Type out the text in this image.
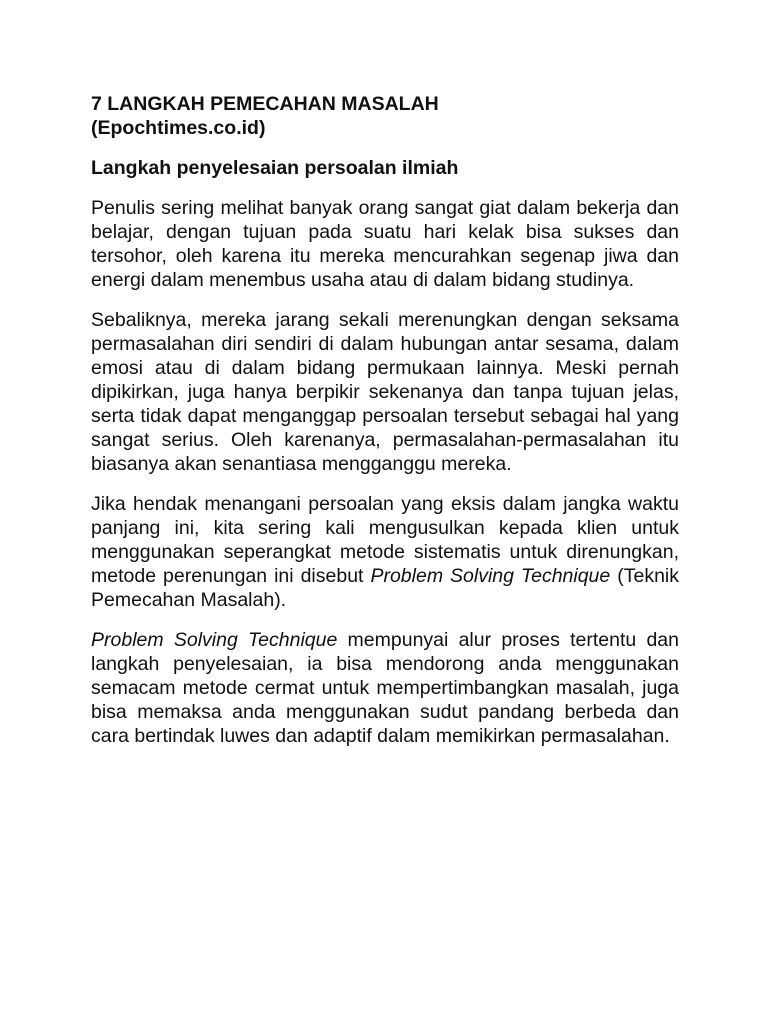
7 LANGKAH PEMECAHAN MASALAH
(Epochtimes.co.id)

Langkah penyelesaian persoalan ilmiah

Penulis sering melihat banyak orang sangat giat dalam bekerja dan belajar, dengan tujuan pada suatu hari kelak bisa sukses dan tersohor, oleh karena itu mereka mencurahkan segenap jiwa dan energi dalam menembus usaha atau di dalam bidang studinya.

Sebaliknya, mereka jarang sekali merenungkan dengan seksama permasalahan diri sendiri di dalam hubungan antar sesama, dalam emosi atau di dalam bidang permukaan lainnya. Meski pernah dipikirkan, juga hanya berpikir sekenanya dan tanpa tujuan jelas, serta tidak dapat menganggap persoalan tersebut sebagai hal yang sangat serius. Oleh karenanya, permasalahan-permasalahan itu biasanya akan senantiasa mengganggu mereka.

Jika hendak menangani persoalan yang eksis dalam jangka waktu panjang ini, kita sering kali mengusulkan kepada klien untuk menggunakan seperangkat metode sistematis untuk direnungkan, metode perenungan ini disebut Problem Solving Technique (Teknik Pemecahan Masalah).

Problem Solving Technique mempunyai alur proses tertentu dan langkah penyelesaian, ia bisa mendorong anda menggunakan semacam metode cermat untuk mempertimbangkan masalah, juga bisa memaksa anda menggunakan sudut pandang berbeda dan cara bertindak luwes dan adaptif dalam memikirkan permasalahan.
